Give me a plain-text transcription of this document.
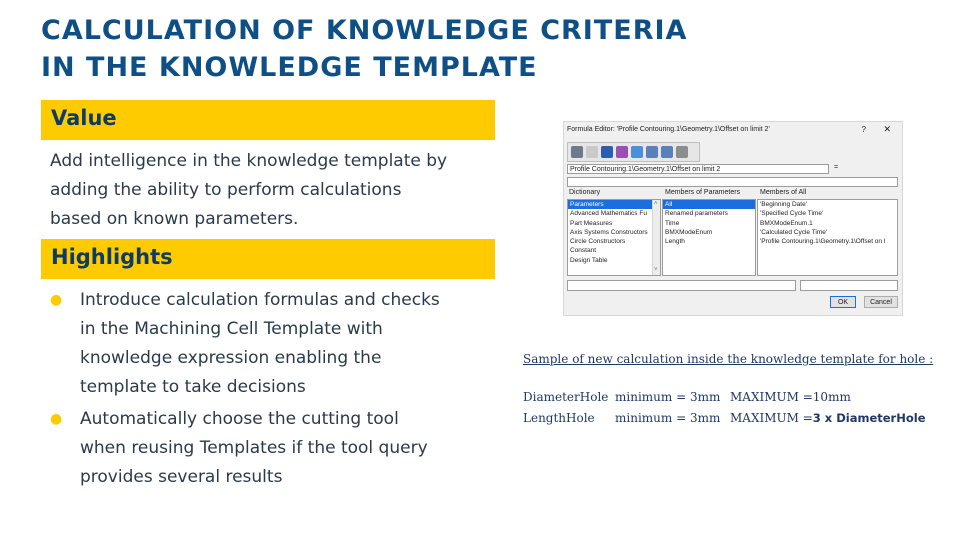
CALCULATION OF KNOWLEDGE CRITERIA
IN THE KNOWLEDGE TEMPLATE
Value
Add intelligence in the knowledge template by
adding the ability to perform calculations
based on known parameters.
Highlights
● Introduce calculation formulas and checks
in the Machining Cell Template with
knowledge expression enabling the
template to take decisions
● Automatically choose the cutting tool
when reusing Templates if the tool query
provides several results
Formula Editor: 'Profile Contouring.1\Geometry.1\Offset on limit 2'	? ✕
Profile Contouring.1\Geometry.1\Offset on limit 2	=
Dictionary	Members of Parameters	Members of All
Parameters
Advanced Mathematics Fu
Part Measures
Axis Systems Constructors
Circle Constructors
Constant
Design Table
˄ ˅
All
Renamed parameters
Time
BMXModeEnum
Length
'Beginning Date'
'Specified Cycle Time'
BMXModeEnum.1
'Calculated Cycle Time'
'Profile Contouring.1\Geometry.1\Offset on l
OK	Cancel
Sample of new calculation inside the knowledge template for hole :
DiameterHole minimum = 3mm MAXIMUM =10mm
LengthHole minimum = 3mm MAXIMUM =3 x DiameterHole
